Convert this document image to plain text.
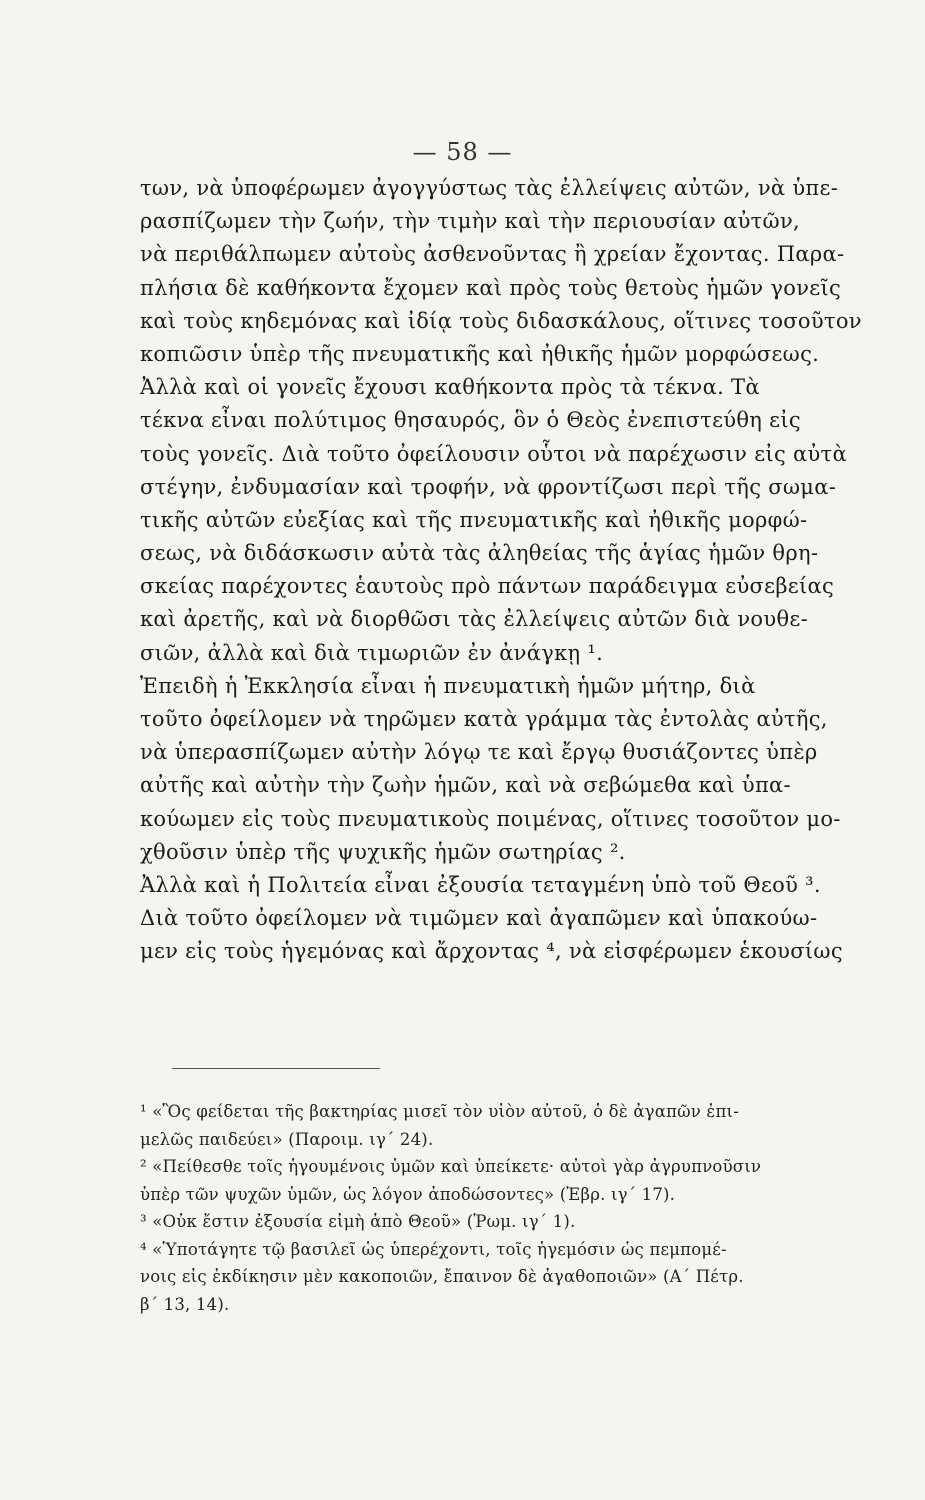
— 58 —
των, νὰ ὑποφέρωμεν ἀγογγύστως τὰς ἐλλείψεις αὐτῶν, νὰ ὑπε-
ρασπίζωμεν τὴν ζωήν, τὴν τιμὴν καὶ τὴν περιουσίαν αὐτῶν,
νὰ περιθάλπωμεν αὐτοὺς ἀσθενοῦντας ἢ χρείαν ἔχοντας. Παρα-
πλήσια δὲ καθήκοντα ἔχομεν καὶ πρὸς τοὺς θετοὺς ἡμῶν γονεῖς
καὶ τοὺς κηδεμόνας καὶ ἰδίᾳ τοὺς διδασκάλους, οἵτινες τοσοῦτον
κοπιῶσιν ὑπὲρ τῆς πνευματικῆς καὶ ἠθικῆς ἡμῶν μορφώσεως.
Ἀλλὰ καὶ οἱ γονεῖς ἔχουσι καθήκοντα πρὸς τὰ τέκνα. Τὰ
τέκνα εἶναι πολύτιμος θησαυρός, ὃν ὁ Θεὸς ἐνεπιστεύθη εἰς
τοὺς γονεῖς. Διὰ τοῦτο ὀφείλουσιν οὗτοι νὰ παρέχωσιν εἰς αὐτὰ
στέγην, ἐνδυμασίαν καὶ τροφήν, νὰ φροντίζωσι περὶ τῆς σωμα-
τικῆς αὐτῶν εὐεξίας καὶ τῆς πνευματικῆς καὶ ἠθικῆς μορφώ-
σεως, νὰ διδάσκωσιν αὐτὰ τὰς ἀληθείας τῆς ἁγίας ἡμῶν θρη-
σκείας παρέχοντες ἑαυτοὺς πρὸ πάντων παράδειγμα εὐσεβείας
καὶ ἀρετῆς, καὶ νὰ διορθῶσι τὰς ἐλλείψεις αὐτῶν διὰ νουθε-
σιῶν, ἀλλὰ καὶ διὰ τιμωριῶν ἐν ἀνάγκῃ ¹.
Ἐπειδὴ ἡ Ἐκκλησία εἶναι ἡ πνευματικὴ ἡμῶν μήτηρ, διὰ
τοῦτο ὀφείλομεν νὰ τηρῶμεν κατὰ γράμμα τὰς ἐντολὰς αὐτῆς,
νὰ ὑπερασπίζωμεν αὐτὴν λόγῳ τε καὶ ἔργῳ θυσιάζοντες ὑπὲρ
αὐτῆς καὶ αὐτὴν τὴν ζωὴν ἡμῶν, καὶ νὰ σεβώμεθα καὶ ὑπα-
κούωμεν εἰς τοὺς πνευματικοὺς ποιμένας, οἵτινες τοσοῦτον μο-
χθοῦσιν ὑπὲρ τῆς ψυχικῆς ἡμῶν σωτηρίας ².
Ἀλλὰ καὶ ἡ Πολιτεία εἶναι ἐξουσία τεταγμένη ὑπὸ τοῦ Θεοῦ ³.
Διὰ τοῦτο ὀφείλομεν νὰ τιμῶμεν καὶ ἀγαπῶμεν καὶ ὑπακούω-
μεν εἰς τοὺς ἡγεμόνας καὶ ἄρχοντας ⁴, νὰ εἰσφέρωμεν ἑκουσίως
¹ «Ὃς φείδεται τῆς βακτηρίας μισεῖ τὸν υἱὸν αὐτοῦ, ὁ δὲ ἀγαπῶν ἐπι-
μελῶς παιδεύει» (Παροιμ. ιγ΄ 24).
² «Πείθεσθε τοῖς ἡγουμένοις ὑμῶν καὶ ὑπείκετε· αὐτοὶ γὰρ ἀγρυπνοῦσιν
ὑπὲρ τῶν ψυχῶν ὑμῶν, ὡς λόγον ἀποδώσοντες» (Ἑβρ. ιγ΄ 17).
³ «Οὐκ ἔστιν ἐξουσία εἰμὴ ἀπὸ Θεοῦ» (Ῥωμ. ιγ΄ 1).
⁴ «Ὑποτάγητε τῷ βασιλεῖ ὡς ὑπερέχοντι, τοῖς ἡγεμόσιν ὡς πεμπομέ-
νοις εἰς ἐκδίκησιν μὲν κακοποιῶν, ἔπαινον δὲ ἀγαθοποιῶν» (Α΄ Πέτρ.
β΄ 13, 14).
